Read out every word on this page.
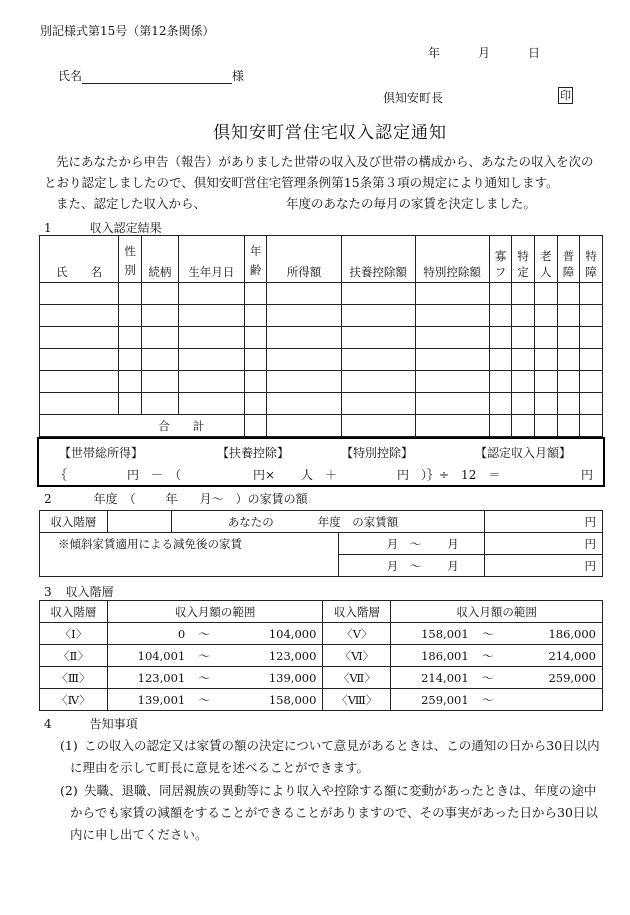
別記様式第15号（第12条関係）
年	月	日
氏名	様
倶知安町長	印
倶知安町営住宅収入認定通知
先にあなたから申告（報告）がありました世帯の収入及び世帯の構成から、あなたの収入を次の
とおり認定しましたので、倶知安町営住宅管理条例第15条第３項の規定により通知します。
また、認定した収入から、	年度のあなたの毎月の家賃を決定しました。
1	収入認定結果
氏　　名	性別	続柄	生年月日	年齢	所得額	扶養控除額	特別控除額	寡フ	特定	老人	普障	特障

	合　　計											
【世帯総所得】	【扶養控除】	【特別控除】	【認定収入月額】
｛	円　－　（	円× 人　＋	円　）｝÷　12　＝	円
2	年度　（	年 月～　）の家賃の額
収入階層		あなたの 年度　の家賃額		円
※傾斜家賃適用による減免後の家賃			月　～ 月	円
			月　～ 月	円
3 収入階層
収入階層	収入月額の範囲			収入階層	収入月額の範囲		
〈Ⅰ〉	0	～	104,000	〈Ⅴ〉	158,001	～	186,000
〈Ⅱ〉	104,001	～	123,000	〈Ⅵ〉	186,001	～	214,000
〈Ⅲ〉	123,001	～	139,000	〈Ⅶ〉	214,001	～	259,000
〈Ⅳ〉	139,001	～	158,000	〈Ⅷ〉	259,001	～	
4	告知事項
(1) この収入の認定又は家賃の額の決定について意見があるときは、この通知の日から30日以内
に理由を示して町長に意見を述べることができます。
(2) 失職、退職、同居親族の異動等により収入や控除する額に変動があったときは、年度の途中
からでも家賃の減額をすることができることがありますので、その事実があった日から30日以
内に申し出てください。
